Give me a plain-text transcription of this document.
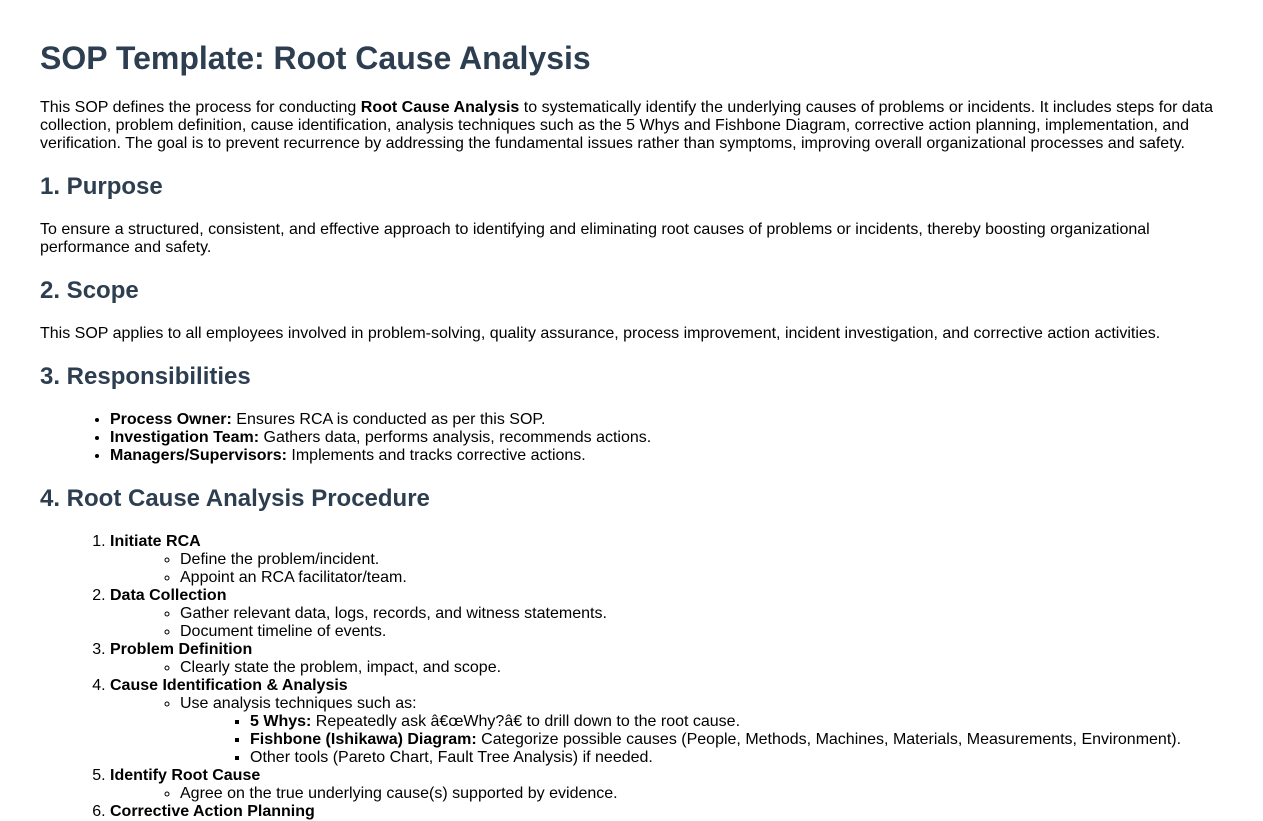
SOP Template: Root Cause Analysis

This SOP defines the process for conducting Root Cause Analysis to systematically identify the underlying causes of problems or incidents. It includes steps for data collection, problem definition, cause identification, analysis techniques such as the 5 Whys and Fishbone Diagram, corrective action planning, implementation, and verification. The goal is to prevent recurrence by addressing the fundamental issues rather than symptoms, improving overall organizational processes and safety.

1. Purpose

To ensure a structured, consistent, and effective approach to identifying and eliminating root causes of problems or incidents, thereby boosting organizational performance and safety.

2. Scope

This SOP applies to all employees involved in problem-solving, quality assurance, process improvement, incident investigation, and corrective action activities.

3. Responsibilities
• Process Owner: Ensures RCA is conducted as per this SOP.
• Investigation Team: Gathers data, performs analysis, recommends actions.
• Managers/Supervisors: Implements and tracks corrective actions.
4. Root Cause Analysis Procedure
1. Initiate RCA
◦ Define the problem/incident.
◦ Appoint an RCA facilitator/team.
2. Data Collection
◦ Gather relevant data, logs, records, and witness statements.
◦ Document timeline of events.
3. Problem Definition
◦ Clearly state the problem, impact, and scope.
4. Cause Identification & Analysis
◦ Use analysis techniques such as:
▪ 5 Whys: Repeatedly ask â€œWhy?â€ to drill down to the root cause.
▪ Fishbone (Ishikawa) Diagram: Categorize possible causes (People, Methods, Machines, Materials, Measurements, Environment).
▪ Other tools (Pareto Chart, Fault Tree Analysis) if needed.
5. Identify Root Cause
◦ Agree on the true underlying cause(s) supported by evidence.
6. Corrective Action Planning
